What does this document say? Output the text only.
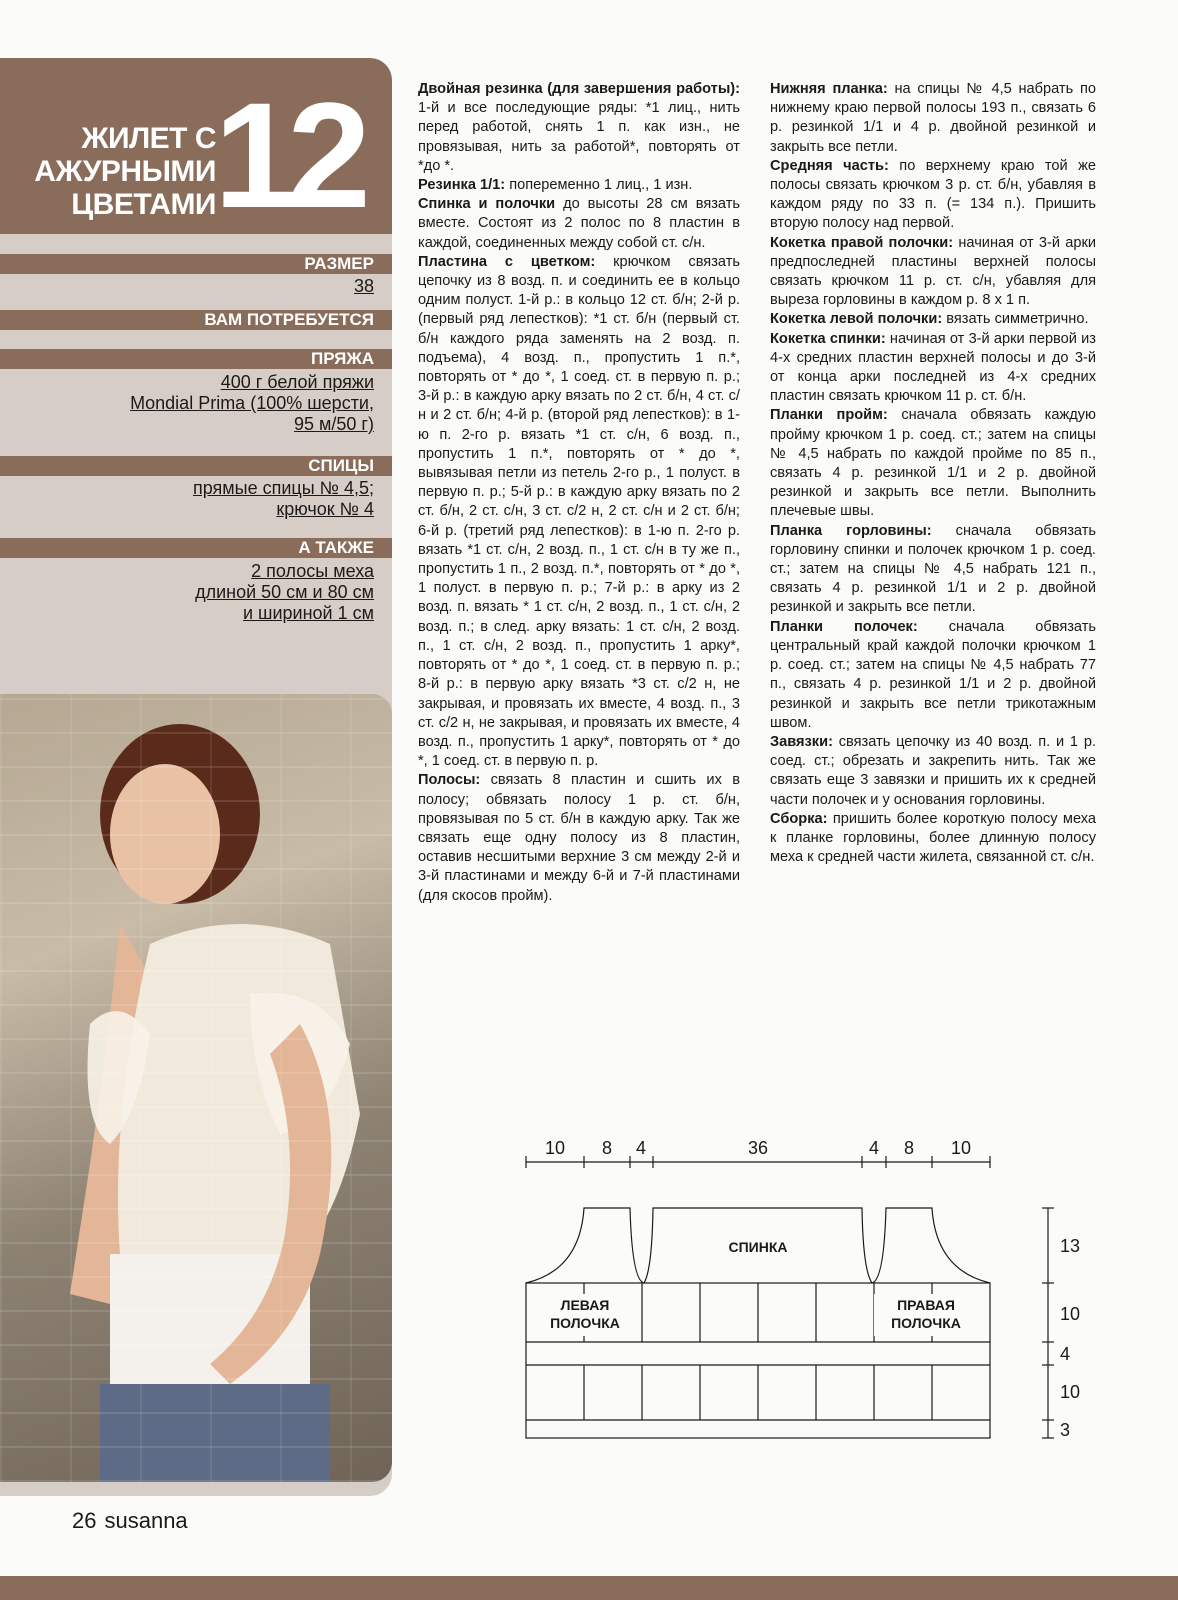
ЖИЛЕТ С
АЖУРНЫМИ
ЦВЕТАМИ
12
РАЗМЕР
38
ВАМ ПОТРЕБУЕТСЯ
ПРЯЖА
400 г белой пряжи
Mondial Prima (100% шерсти,
95 м/50 г)
СПИЦЫ
прямые спицы № 4,5;
крючок № 4
А ТАКЖЕ
2 полосы меха
длиной 50 см и 80 см
и шириной 1 см

Двойная резинка (для завершения работы): 1-й и все последующие ряды: *1 лиц., нить перед работой, снять 1 п. как изн., не провязывая, нить за работой*, повторять от *до *.

Резинка 1/1: попеременно 1 лиц., 1 изн.

Спинка и полочки до высоты 28 см вязать вместе. Состоят из 2 полос по 8 пластин в каждой, соединенных между собой ст. с/н.

Пластина с цветком: крючком связать цепочку из 8 возд. п. и соединить ее в кольцо одним полуст. 1-й р.: в кольцо 12 ст. б/н; 2-й р. (первый ряд лепестков): *1 ст. б/н (первый ст. б/н каждого ряда заменять на 2 возд. п. подъема), 4 возд. п., пропустить 1 п.*, повторять от * до *, 1 соед. ст. в первую п. р.; 3-й р.: в каждую арку вязать по 2 ст. б/н, 4 ст. с/н и 2 ст. б/н; 4-й р. (второй ряд лепестков): в 1-ю п. 2-го р. вязать *1 ст. с/н, 6 возд. п., пропустить 1 п.*, повторять от * до *, вывязывая петли из петель 2-го р., 1 полуст. в первую п. р.; 5-й р.: в каждую арку вязать по 2 ст. б/н, 2 ст. с/н, 3 ст. с/2 н, 2 ст. с/н и 2 ст. б/н; 6-й р. (третий ряд лепестков): в 1-ю п. 2-го р. вязать *1 ст. с/н, 2 возд. п., 1 ст. с/н в ту же п., пропустить 1 п., 2 возд. п.*, повторять от * до *, 1 полуст. в первую п. р.; 7-й р.: в арку из 2 возд. п. вязать * 1 ст. с/н, 2 возд. п., 1 ст. с/н, 2 возд. п.; в след. арку вязать: 1 ст. с/н, 2 возд. п., 1 ст. с/н, 2 возд. п., пропустить 1 арку*, повторять от * до *, 1 соед. ст. в первую п. р.; 8-й р.: в первую арку вязать *3 ст. с/2 н, не закрывая, и провязать их вместе, 4 возд. п., 3 ст. с/2 н, не закрывая, и провязать их вместе, 4 возд. п., пропустить 1 арку*, повторять от * до *, 1 соед. ст. в первую п. р.

Полосы: связать 8 пластин и сшить их в полосу; обвязать полосу 1 р. ст. б/н, провязывая по 5 ст. б/н в каждую арку. Так же связать еще одну полосу из 8 пластин, оставив несшитыми верхние 3 см между 2-й и 3-й пластинами и между 6-й и 7-й пластинами (для скосов пройм).

Нижняя планка: на спицы № 4,5 набрать по нижнему краю первой полосы 193 п., связать 6 р. резинкой 1/1 и 4 р. двойной резинкой и закрыть все петли.

Средняя часть: по верхнему краю той же полосы связать крючком 3 р. ст. б/н, убавляя в каждом ряду по 33 п. (= 134 п.). Пришить вторую полосу над первой.

Кокетка правой полочки: начиная от 3-й арки предпоследней пластины верхней полосы связать крючком 11 р. ст. с/н, убавляя для выреза горловины в каждом р. 8 х 1 п.

Кокетка левой полочки: вязать симметрично.

Кокетка спинки: начиная от 3-й арки первой из 4-х средних пластин верхней полосы и до 3-й от конца арки последней из 4-х средних пластин связать крючком 11 р. ст. б/н.

Планки пройм: сначала обвязать каждую пройму крючком 1 р. соед. ст.; затем на спицы № 4,5 набрать по каждой пройме по 85 п., связать 4 р. резинкой 1/1 и 2 р. двойной резинкой и закрыть все петли. Выполнить плечевые швы.

Планка горловины: сначала обвязать горловину спинки и полочек крючком 1 р. соед. ст.; затем на спицы № 4,5 набрать 121 п., связать 4 р. резинкой 1/1 и 2 р. двойной резинкой и закрыть все петли.

Планки полочек: сначала обвязать центральный край каждой полочки крючком 1 р. соед. ст.; затем на спицы № 4,5 набрать 77 п., связать 4 р. резинкой 1/1 и 2 р. двойной резинкой и закрыть все петли трикотажным швом.

Завязки: связать цепочку из 40 возд. п. и 1 р. соед. ст.; обрезать и закрепить нить. Так же связать еще 3 завязки и пришить их к средней части полочек и у основания горловины.

Сборка: пришить более короткую полосу меха к планке горловины, более длинную полосу меха к средней части жилета, связанной ст. с/н.

10 8 4	36	4 8 10
13
10
4
10
3
СПИНКА
ЛЕВАЯ
ПОЛОЧКА
ПРАВАЯ
ПОЛОЧКА
26 susanna
